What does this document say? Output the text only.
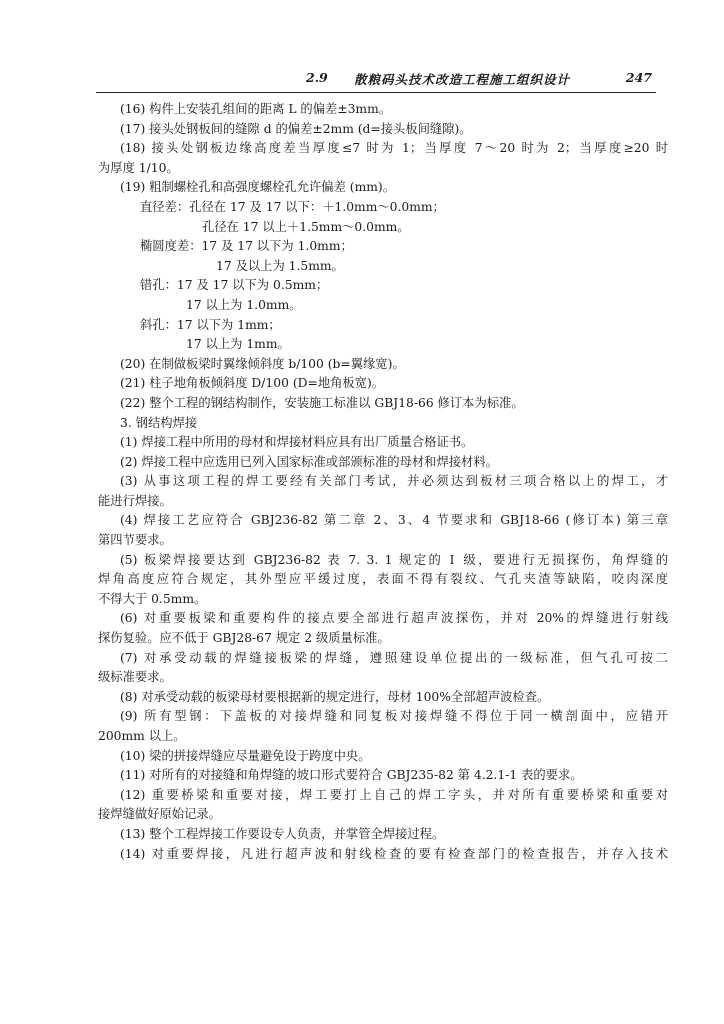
2.9 散粮码头技术改造工程施工组织设计	247
(16) 构件上安装孔组间的距离 L 的偏差±3mm。
(17) 接头处钢板间的缝隙 d 的偏差±2mm (d=接头板间缝隙)。
(18) 接头处钢板边缘高度差当厚度≤7 时为 1；当厚度 7～20 时为 2；当厚度≥20 时
为厚度 1/10。
(19) 粗制螺栓孔和高强度螺栓孔允许偏差 (mm)。
直径差：孔径在 17 及 17 以下：＋1.0mm～0.0mm；
孔径在 17 以上＋1.5mm～0.0mm。
椭圆度差：17 及 17 以下为 1.0mm；
17 及以上为 1.5mm。
错孔：17 及 17 以下为 0.5mm；
17 以上为 1.0mm。
斜孔：17 以下为 1mm；
17 以上为 1mm。
(20) 在制做板梁时翼缘倾斜度 b/100 (b=翼缘宽)。
(21) 柱子地角板倾斜度 D/100 (D=地角板宽)。
(22) 整个工程的钢结构制作，安装施工标准以 GBJ18-66 修订本为标准。
3. 钢结构焊接
(1) 焊接工程中所用的母材和焊接材料应具有出厂质量合格证书。
(2) 焊接工程中应选用已列入国家标准或部颁标准的母材和焊接材料。
(3) 从事这项工程的焊工要经有关部门考试，并必须达到板材三项合格以上的焊工，才
能进行焊接。
(4) 焊接工艺应符合 GBJ236-82 第二章 2、3、4 节要求和 GBJ18-66 (修订本) 第三章
第四节要求。
(5) 板梁焊接要达到 GBJ236-82 表 7. 3. 1 规定的 Ⅰ 级，要进行无损探伤，角焊缝的
焊角高度应符合规定，其外型应平缓过度，表面不得有裂纹、气孔夹渣等缺陷，咬肉深度
不得大于 0.5mm。
(6) 对重要板梁和重要构件的接点要全部进行超声波探伤，并对 20%的焊缝进行射线
探伤复验。应不低于 GBJ28-67 规定 2 级质量标准。
(7) 对承受动载的焊缝接板梁的焊缝，遵照建设单位提出的一级标准，但气孔可按二
级标准要求。
(8) 对承受动载的板梁母材要根据新的规定进行，母材 100%全部超声波检查。
(9) 所有型钢：下盖板的对接焊缝和同复板对接焊缝不得位于同一横剖面中，应错开
200mm 以上。
(10) 梁的拼接焊缝应尽量避免设于跨度中央。
(11) 对所有的对接缝和角焊缝的坡口形式要符合 GBJ235-82 第 4.2.1-1 表的要求。
(12) 重要桥梁和重要对接，焊工要打上自己的焊工字头，并对所有重要桥梁和重要对
接焊缝做好原始记录。
(13) 整个工程焊接工作要设专人负责，并掌管全焊接过程。
(14) 对重要焊接，凡进行超声波和射线检查的要有检查部门的检查报告，并存入技术
